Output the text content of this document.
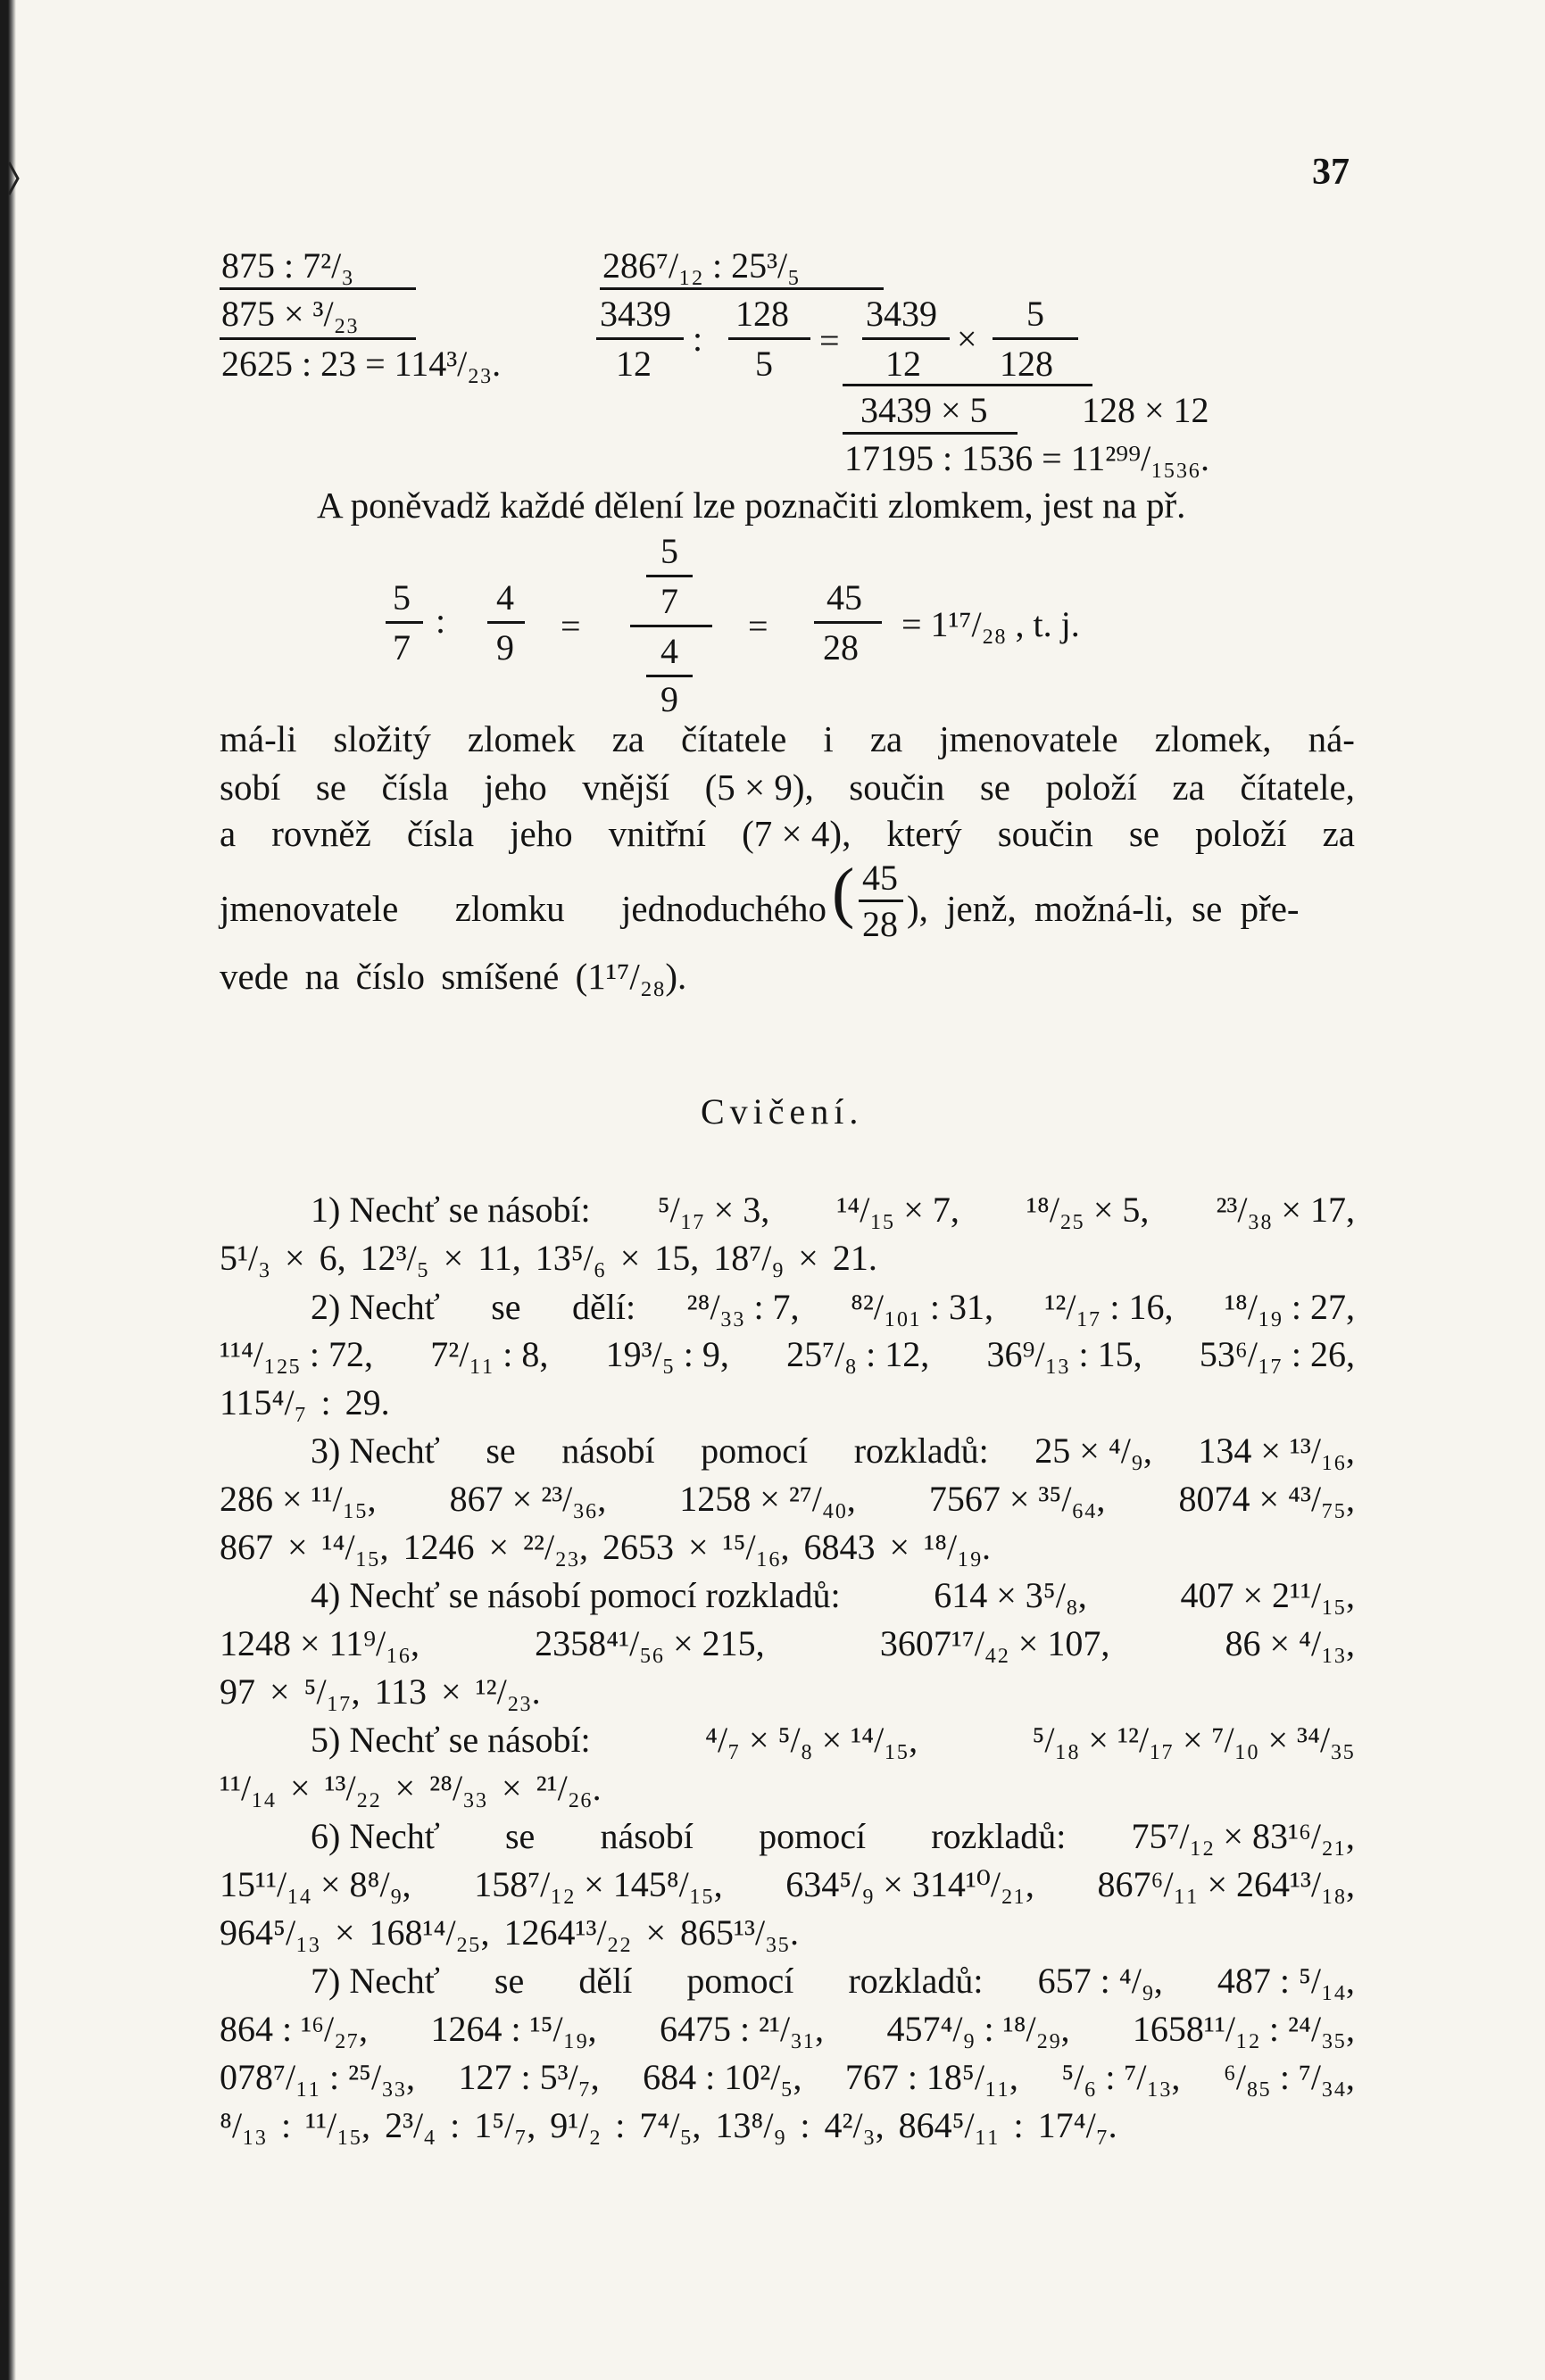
37
875 : 7²/₃
875 × ³/₂₃
2625 : 23 = 114³/₂₃.
286⁷/₁₂ : 25³/₅
3439
12
:
128
5
=
3439
12
×
5
128
3439 × 5	128 × 12
17195 : 1536 = 11²⁹⁹/₁₅₃₆.
A poněvadž každé dělení lze poznačiti zlomkem, jest na př.
5
7
:
4
9
=
5
7
4
9
=
45
28
= 1¹⁷/₂₈ , t. j.
má-li složitý zlomek za čítatele i za jmenovatele zlomek, ná-
sobí se čísla jeho vnější (5 × 9), součin se položí za čítatele,
a rovněž čísla jeho vnitřní (7 × 4), který součin se položí za
jmenovatele zlomku jednoduchého ( 45
28 ), jenž, možná-li, se pře-
vede na číslo smíšené (1¹⁷/₂₈).
Cvičení.
1) Nechť se násobí: ⁵/₁₇ × 3, ¹⁴/₁₅ × 7, ¹⁸/₂₅ × 5, ²³/₃₈ × 17,
5¹/₃ × 6, 12³/₅ × 11, 13⁵/₆ × 15, 18⁷/₉ × 21.
2) Nechť se dělí: ²⁸/₃₃ : 7, ⁸²/₁₀₁ : 31, ¹²/₁₇ : 16, ¹⁸/₁₉ : 27,
¹¹⁴/₁₂₅ : 72, 7²/₁₁ : 8, 19³/₅ : 9, 25⁷/₈ : 12, 36⁹/₁₃ : 15, 53⁶/₁₇ : 26,
115⁴/₇ : 29.
3) Nechť se násobí pomocí rozkladů: 25 × ⁴/₉, 134 × ¹³/₁₆,
286 × ¹¹/₁₅, 867 × ²³/₃₆, 1258 × ²⁷/₄₀, 7567 × ³⁵/₆₄, 8074 × ⁴³/₇₅,
867 × ¹⁴/₁₅, 1246 × ²²/₂₃, 2653 × ¹⁵/₁₆, 6843 × ¹⁸/₁₉.
4) Nechť se násobí pomocí rozkladů:	614 × 3⁵/₈,	407 × 2¹¹/₁₅,
1248 × 11⁹/₁₆,	2358⁴¹/₅₆ × 215,	3607¹⁷/₄₂ × 107,	86 × ⁴/₁₃,
97 × ⁵/₁₇, 113 × ¹²/₂₃.
5) Nechť se násobí:	⁴/₇ × ⁵/₈ × ¹⁴/₁₅,	⁵/₁₈ × ¹²/₁₇ × ⁷/₁₀ × ³⁴/₃₅
¹¹/₁₄ × ¹³/₂₂ × ²⁸/₃₃ × ²¹/₂₆.
6) Nechť se násobí pomocí rozkladů: 75⁷/₁₂ × 83¹⁶/₂₁,
15¹¹/₁₄ × 8⁸/₉, 158⁷/₁₂ × 145⁸/₁₅, 634⁵/₉ × 314¹⁰/₂₁, 867⁶/₁₁ × 264¹³/₁₈,
964⁵/₁₃ × 168¹⁴/₂₅, 1264¹³/₂₂ × 865¹³/₃₅.
7) Nechť se dělí pomocí rozkladů: 657 : ⁴/₉, 487 : ⁵/₁₄,
864 : ¹⁶/₂₇, 1264 : ¹⁵/₁₉, 6475 : ²¹/₃₁, 457⁴/₉ : ¹⁸/₂₉, 1658¹¹/₁₂ : ²⁴/₃₅,
078⁷/₁₁ : ²⁵/₃₃, 127 : 5³/₇, 684 : 10²/₅, 767 : 18⁵/₁₁, ⁵/₆ : ⁷/₁₃, ⁶/₈₅ : ⁷/₃₄,
⁸/₁₃ : ¹¹/₁₅, 2³/₄ : 1⁵/₇, 9¹/₂ : 7⁴/₅, 13⁸/₉ : 4²/₃, 864⁵/₁₁ : 17⁴/₇.
